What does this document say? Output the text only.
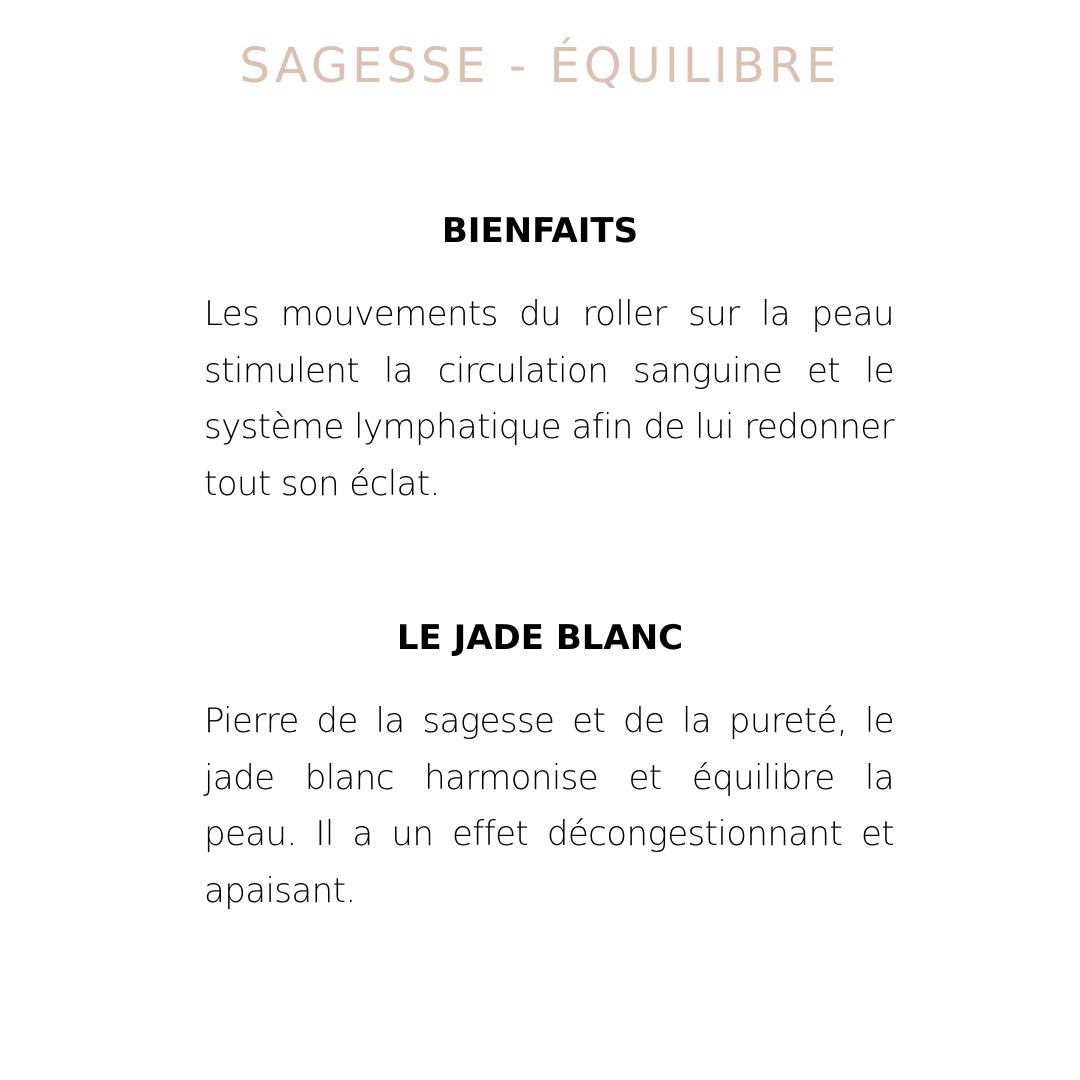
SAGESSE - ÉQUILIBRE
BIENFAITS

Les mouvements du roller sur la peau stimulent la circulation sanguine et le système lymphatique afin de lui redonner tout son éclat.

LE JADE BLANC

Pierre de la sagesse et de la pureté, le jade blanc harmonise et équilibre la peau. Il a un effet décongestionnant et apaisant.
